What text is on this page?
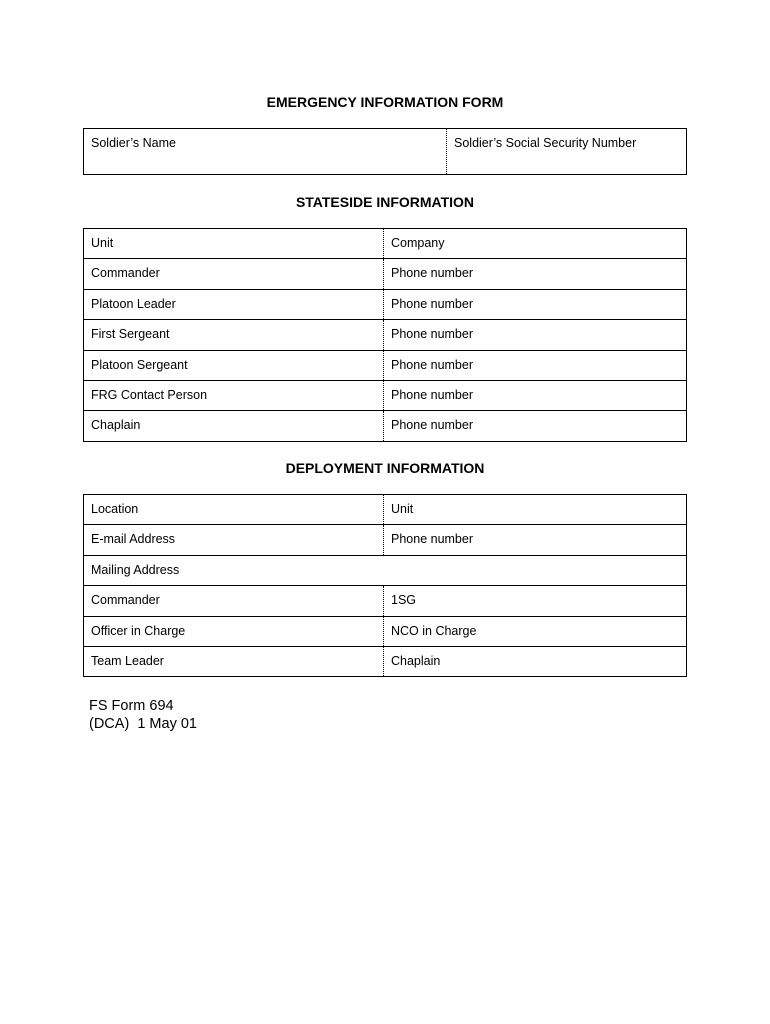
EMERGENCY INFORMATION FORM
Soldier’s Name	Soldier’s Social Security Number
STATESIDE INFORMATION
Unit	Company

Commander	Phone number

Platoon Leader	Phone number

First Sergeant	Phone number

Platoon Sergeant	Phone number

FRG Contact Person	Phone number

Chaplain	Phone number
DEPLOYMENT INFORMATION
Location	Unit

E-mail Address	Phone number

Mailing Address	

Commander	1SG

Officer in Charge	NCO in Charge

Team Leader	Chaplain
FS Form 694
(DCA)  1 May 01
